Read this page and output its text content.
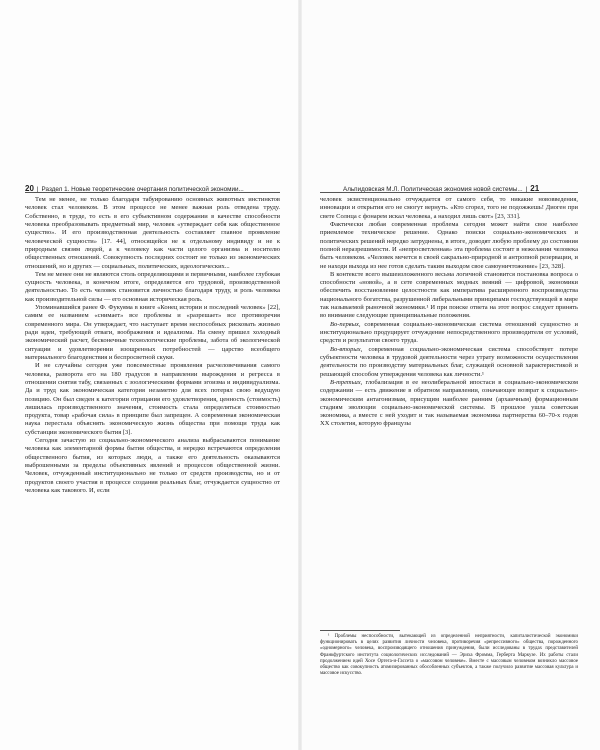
20 | Раздел 1. Новые теоретические очертания политической экономии...

Тем не менее, не только благодаря табуированию основных животных инстинктов человек стал человеком. В этом процессе не менее важная роль отведена труду. Собственно, в труде, то есть в его субъективном содержании в качестве способности человека преобразовывать предметный мир, человек «утверждает себя как общественное существо». И его производственная деятельность составляет главное проявление человеческой сущности» [17. 44], относящейся не к отдельному индивиду и не к природным связям людей, а к человеку как части целого организма и носителю общественных отношений. Совокупность последних состоит не только из экономических отношений, но и других — социальных, политических, идеологических...

Тем не менее они не являются столь определяющими и первичными, наиболее глубокая сущность человека, в конечном итоге, определяется его трудовой, производственной деятельностью. То есть человек становится личностью благодаря труду, и роль человека как производительной силы — его основная историческая роль.

Упоминавшийся ранее Ф. Фукуяма в книге «Конец истории и последний человек» [22], самим ее названием «снимает» все проблемы и «разрешает» все противоречия современного мира. Он утверждает, что наступает время неспособных рисковать жизнью ради идеи, требующей отваги, воображения и идеализма. На смену пришел холодный экономический расчет, бесконечные технологические проблемы, забота об экологической ситуации и удовлетворении изощренных потребностей — царство всеобщего материального благоденствия и беспросветной скуки.

И не случайны сегодня уже повсеместные проявления расчеловечивания самого человека, разворота его на 180 градусов в направлении вырождения и регресса в отношении снятия табу, связанных с зоологическими формами эгоизма и индивидуализма. Да и труд как экономическая категория незаметно для всех потерял свою ведущую позицию. Он был сведен к категории отрицания его удовлетворения, ценность (стоимость) лишилась производственного значения, стоимость стала определяться стоимостью продукта, товар «рабочая сила» в принципе был запрещен. А современная экономическая наука перестала объяснять экономическую жизнь общества при помощи труда как субстанции экономического бытия [3].

Сегодня зачастую из социально-экономического анализа выбрасываются понимание человека как элементарной формы бытия общества, и нередко встречаются определения общественного бытия, из которых люди, а также его деятельность оказываются выброшенными за пределы объективных явлений и процессов общественной жизни. Человек, отчужденный институционально не только от средств производства, но и от продуктов своего участия в процессе создания реальных благ, отчуждается сущностно от человека как такового. И, если

Альпидовская М.Л. Политическая экономия новой системы... | 21

человек экзистенционально отчуждается от самого себя, то никакие нововведения, инновации и открытия его не смогут вернуть. «Кто сгорел, того не подожжешь! Диоген при свете Солнца с фонарем искал человека, а находил лишь скот» [23, 331].

Фактически любая современная проблема сегодня может найти свое наиболее приемлемое техническое решение. Однако поиски социально-экономических и политических решений нередко затруднены, в итоге, доводят любую проблему до состояния полной неразрешимости. И «непросветленная» эта проблема состоит в нежелании человека быть человеком. «Человек мечется в своей сакрально-природной и антропной резервации, и не находи выхода из нее готов сделать таким выходом свое самоуничтожение» [23, 328].

В контексте всего вышеизложенного весьма логичной становится постановка вопроса о способности «новой», а в сете современных модных веяний — цифровой, экономики обеспечить восстановление целостности как императива расширенного воспроизводства национального богатства, разрушенной либеральными принципами господствующей в мире так называемой рыночной экономики.¹ И при поиске ответа на этот вопрос следует принять во внимание следующие принципиальные положения.

Во-первых, современная социально-экономическая система отношений сущностно и институционально продуцирует отчуждение непосредственного производителя от условий, средств и результатов своего труда.

Во-вторых, современная социально-экономическая система способствует потере субъектности человека в трудовой деятельности через утрату возможности осуществления деятельности по производству материальных благ, служащей основной характеристикой и решающей способом утверждения человека как личности.¹

В-третьих, глобализация в ее неолиберальной ипостаси в социально-экономическом содержании — есть движение в обратном направлении, означающее возврат к социально-экономическим антагонизмам, присущим наиболее ранним (архаичным) формационным стадиям эволюции социально-экономической системы. В прошлое ушла советская экономика, а вместе с ней уходит и так называемая экономика партнерства 60–70-х годов XX столетия, которую французы

¹ Проблемы неспособности, вытекающей из определенной неприятности, капиталистической экономики функционировать в целях развития личности человека, противоречия «репрессивного» общества, порожденного «одномерного» человека, воспроизводящего отношения принуждения, были исследованы в трудах представителей Франкфуртского института социологических исследований — Эриха Фромма, Герберта Маркузе. Их работы стали продолжением идей Хосе Ортега-и-Гассета о «массовом человеке». Вместе с массовым человеком возникло массовое общество как совокупность атомизированных обособленных субъектов, а также получило развитие массовая культура и массовое искусство.
